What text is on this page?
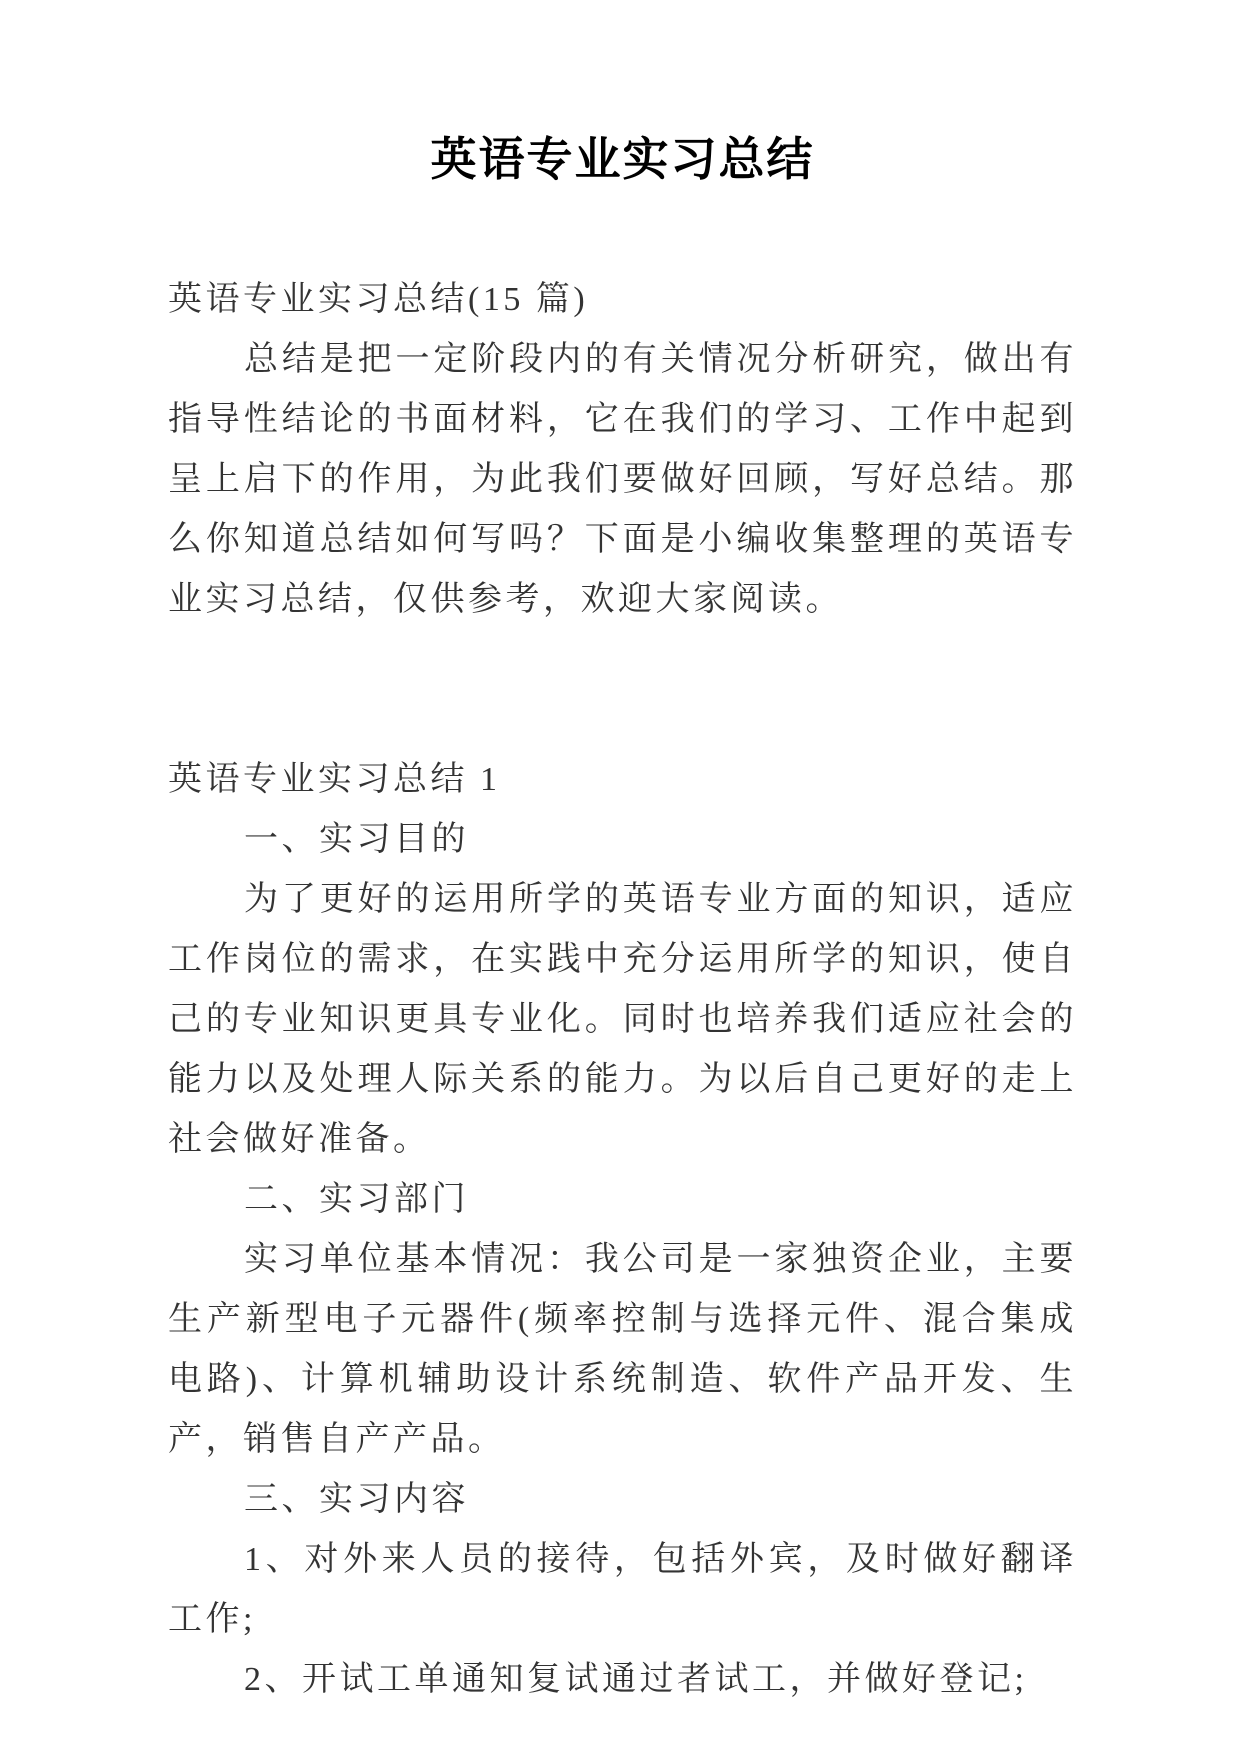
英语专业实习总结
英语专业实习总结(15 篇)
总结是把一定阶段内的有关情况分析研究，做出有指导性结论的书面材料，它在我们的学习、工作中起到呈上启下的作用，为此我们要做好回顾，写好总结。那么你知道总结如何写吗？下面是小编收集整理的英语专业实习总结，仅供参考，欢迎大家阅读。
英语专业实习总结 1
一、实习目的
为了更好的运用所学的英语专业方面的知识，适应工作岗位的需求，在实践中充分运用所学的知识，使自己的专业知识更具专业化。同时也培养我们适应社会的能力以及处理人际关系的能力。为以后自己更好的走上社会做好准备。
二、实习部门
实习单位基本情况：我公司是一家独资企业，主要生产新型电子元器件(频率控制与选择元件、混合集成电路)、计算机辅助设计系统制造、软件产品开发、生产，销售自产产品。
三、实习内容
1、对外来人员的接待，包括外宾，及时做好翻译工作;
2、开试工单通知复试通过者试工，并做好登记;
